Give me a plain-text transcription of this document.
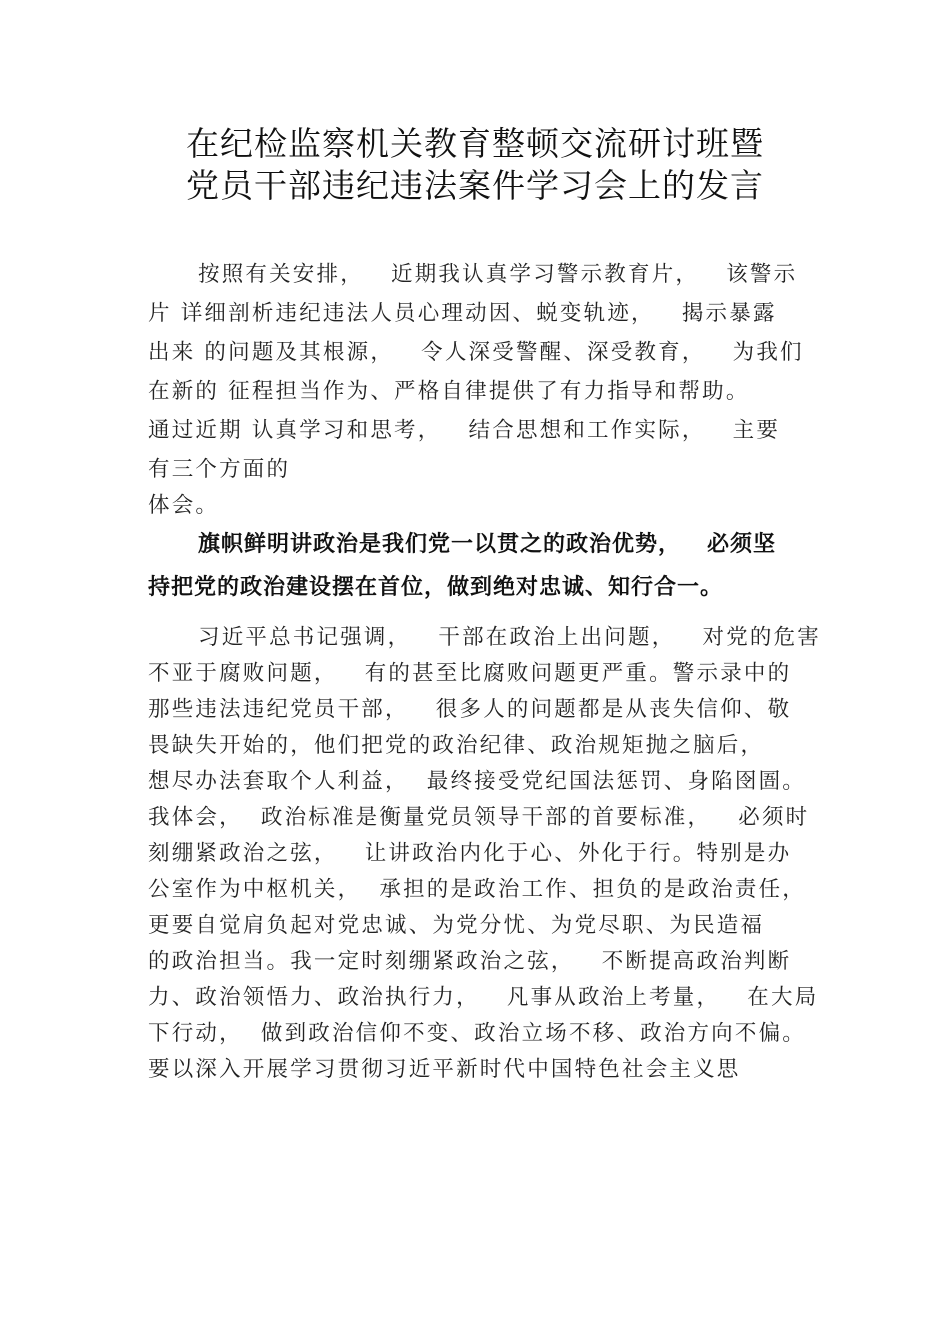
在纪检监察机关教育整顿交流研讨班暨
党员干部违纪违法案件学习会上的发言
按照有关安排，   近期我认真学习警示教育片，   该警示
片 详细剖析违纪违法人员心理动因、蜕变轨迹，   揭示暴露
出来 的问题及其根源，   令人深受警醒、深受教育，   为我们
在新的 征程担当作为、严格自律提供了有力指导和帮助。
通过近期 认真学习和思考，   结合思想和工作实际，   主要
有三个方面的
体会。
旗帜鲜明讲政治是我们党一以贯之的政治优势，   必须坚
持把党的政治建设摆在首位，做到绝对忠诚、知行合一。
习近平总书记强调，   干部在政治上出问题，   对党的危害
不亚于腐败问题，   有的甚至比腐败问题更严重。警示录中的
那些违法违纪党员干部，   很多人的问题都是从丧失信仰、敬
畏缺失开始的，他们把党的政治纪律、政治规矩抛之脑后，
想尽办法套取个人利益，  最终接受党纪国法惩罚、身陷囹圄。
我体会，  政治标准是衡量党员领导干部的首要标准，   必须时
刻绷紧政治之弦，   让讲政治内化于心、外化于行。特别是办
公室作为中枢机关，  承担的是政治工作、担负的是政治责任，
更要自觉肩负起对党忠诚、为党分忧、为党尽职、为民造福
的政治担当。我一定时刻绷紧政治之弦，   不断提高政治判断
力、政治领悟力、政治执行力，   凡事从政治上考量，   在大局
下行动，  做到政治信仰不变、政治立场不移、政治方向不偏。
要以深入开展学习贯彻习近平新时代中国特色社会主义思
